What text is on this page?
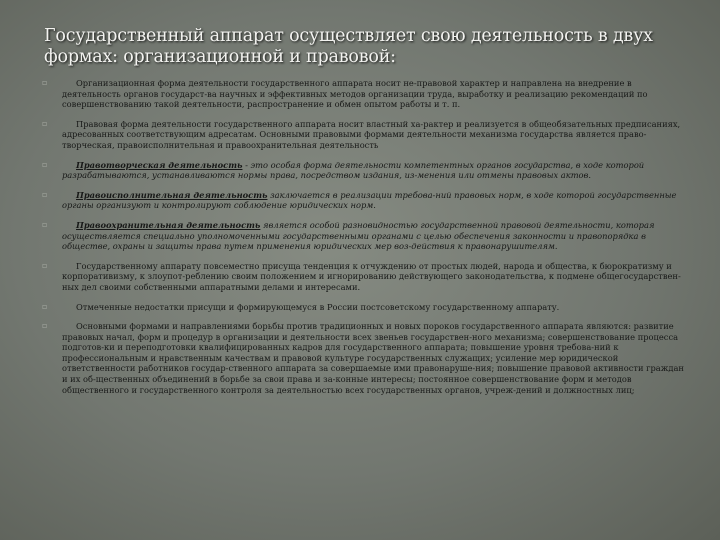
Государственный аппарат осуществляет свою деятельность в двух формах: организационной и правовой:
▫	Организационная форма деятельности государственного аппарата носит не-правовой характер и направлена на внедрение в деятельность органов государст-ва научных и эффективных методов организации труда, выработку и реализацию рекомендаций по совершенствованию такой деятельности, распространение и обмен опытом работы и т. п.
▫	Правовая форма деятельности государственного аппарата носит властный ха-рактер и реализуется в общеобязательных предписаниях, адресованных соответствующим адресатам. Основными правовыми формами деятельности механизма государства является право-творческая, правоисполнительная и правоохранительная деятельность
▫	Правотворческая деятельность - это особая форма деятельности компетентных органов государства, в ходе которой разрабатываются, устанавливаются нормы права, посредством издания, из-менения или отмены правовых актов.
▫	Правоисполнительная деятельность заключается в реализации требова-ний правовых норм, в ходе которой государственные органы организуют и контролируют соблюдение юридических норм.
▫	Правоохранительная деятельность является особой разновидностью государственной правовой деятельности, которая осуществляется специально уполномоченными государственными органами с целью обеспечения законности и правопорядка в обществе, охраны и защиты права путем применения юридических мер воз-действия к правонарушителям.
▫	Государственному аппарату повсеместно присуща тенденция к отчуждению от простых людей, народа и общества, к бюрократизму и корпоративизму, к злоупот-реблению своим положением и игнорированию действующего законодательства, к подмене общегосударствен-ных дел своими собственными аппаратными делами и интересами.
▫	Отмеченные недостатки присущи и формирующемуся в России постсоветскому государственному аппарату.
▫	Основными формами и направлениями борьбы против традиционных и новых пороков государственного аппарата являются: развитие правовых начал, форм и процедур в организации и деятельности всех звеньев государствен-ного механизма; совершенствование процесса подготов-ки и переподготовки квалифицированных кадров для государственного аппарата; повышение уровня требова-ний к профессиональным и нравственным качествам и правовой культуре государственных служащих; усиление мер юридической ответственности работников государ-ственного аппарата за совершаемые ими правонаруше-ния; повышение правовой активности граждан и их об-щественных объединений в борьбе за свои права и за-конные интересы; постоянное совершенствование форм и методов общественного и государственного контроля за деятельностью всех государственных органов, учреж-дений и должностных лиц;
